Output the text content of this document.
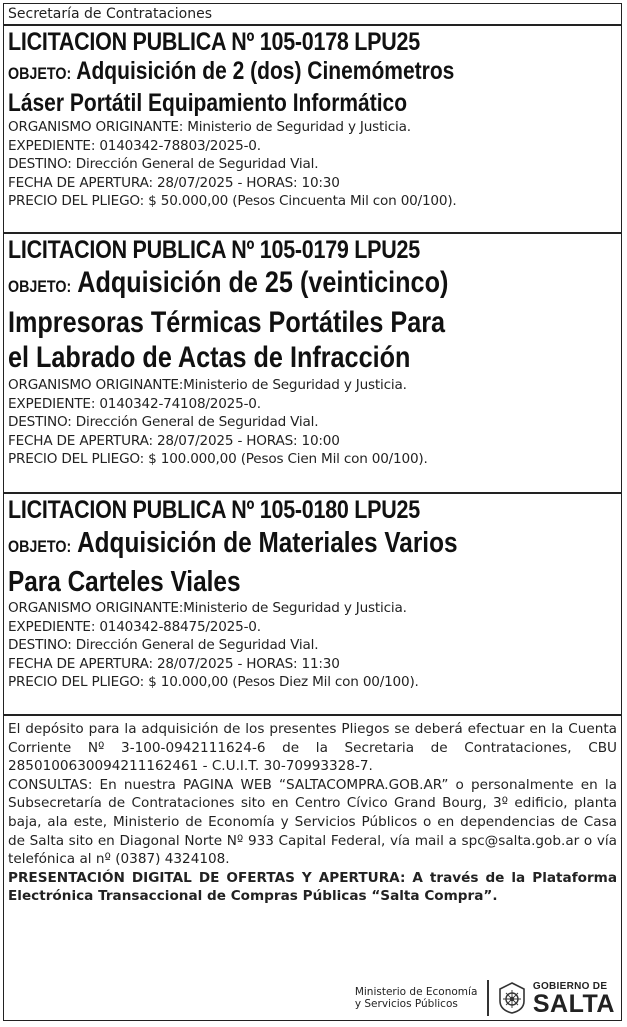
Secretaría de Contrataciones
LICITACION PUBLICA Nº 105-0178 LPU25
OBJETO: Adquisición de 2 (dos) Cinemómetros
Láser Portátil Equipamiento Informático
ORGANISMO ORIGINANTE: Ministerio de Seguridad y Justicia.
EXPEDIENTE: 0140342-78803/2025-0.
DESTINO: Dirección General de Seguridad Vial.
FECHA DE APERTURA: 28/07/2025 - HORAS: 10:30
PRECIO DEL PLIEGO: $ 50.000,00 (Pesos Cincuenta Mil con 00/100).
LICITACION PUBLICA Nº 105-0179 LPU25
OBJETO: Adquisición de 25 (veinticinco)
Impresoras Térmicas Portátiles Para
el Labrado de Actas de Infracción
ORGANISMO ORIGINANTE:Ministerio de Seguridad y Justicia.
EXPEDIENTE: 0140342-74108/2025-0.
DESTINO: Dirección General de Seguridad Vial.
FECHA DE APERTURA: 28/07/2025 - HORAS: 10:00
PRECIO DEL PLIEGO: $ 100.000,00 (Pesos Cien Mil con 00/100).
LICITACION PUBLICA Nº 105-0180 LPU25
OBJETO: Adquisición de Materiales Varios
Para Carteles Viales
ORGANISMO ORIGINANTE:Ministerio de Seguridad y Justicia.
EXPEDIENTE: 0140342-88475/2025-0.
DESTINO: Dirección General de Seguridad Vial.
FECHA DE APERTURA: 28/07/2025 - HORAS: 11:30
PRECIO DEL PLIEGO: $ 10.000,00 (Pesos Diez Mil con 00/100).

El depósito para la adquisición de los presentes Pliegos se deberá efectuar en la Cuenta Corriente Nº 3-100-0942111624-6 de la Secretaria de Contrataciones, CBU 2850100630094211162461 - C.U.I.T. 30-70993328-7.

CONSULTAS: En nuestra PAGINA WEB “SALTACOMPRA.GOB.AR” o personalmente en la Subsecretaría de Contrataciones sito en Centro Cívico Grand Bourg, 3º edificio, planta baja, ala este, Ministerio de Economía y Servicios Públicos o en dependencias de Casa de Salta sito en Diagonal Norte Nº 933 Capital Federal, vía mail a spc@salta.gob.ar o vía telefónica al nº (0387) 4324108.

PRESENTACIÓN DIGITAL DE OFERTAS Y APERTURA: A través de la Plataforma Electrónica Transaccional de Compras Públicas “Salta Compra”.

Ministerio de Economía
y Servicios Públicos
GOBIERNO DE
SALTA
